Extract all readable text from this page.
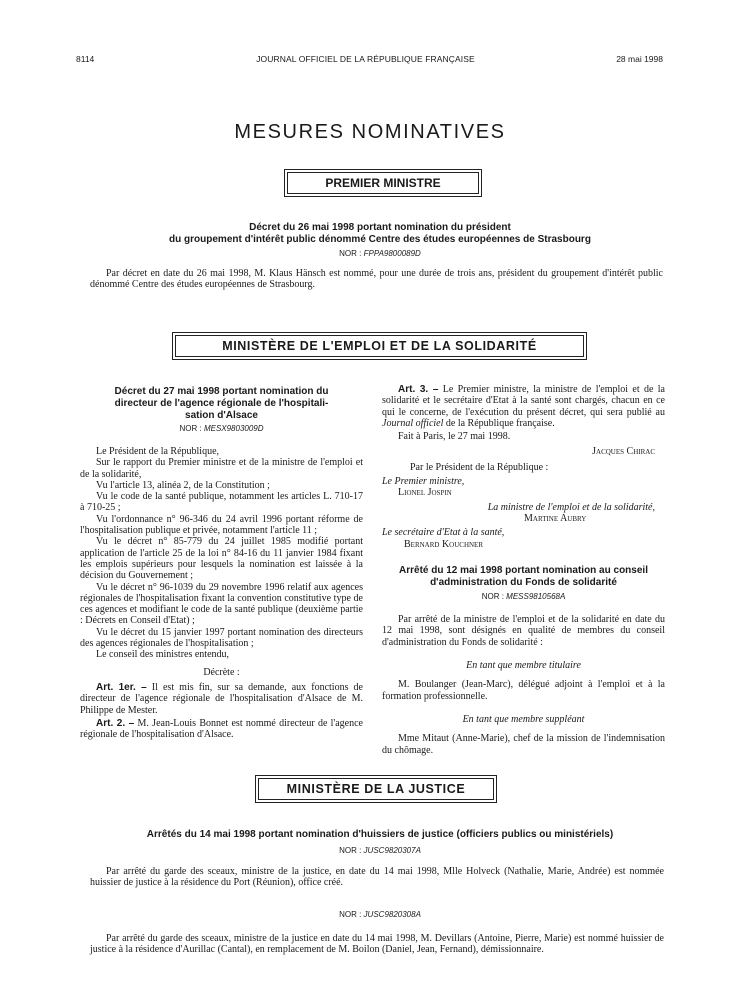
8114	JOURNAL OFFICIEL DE LA RÉPUBLIQUE FRANÇAISE	28 mai 1998
MESURES NOMINATIVES
PREMIER MINISTRE
Décret du 26 mai 1998 portant nomination du président
du groupement d'intérêt public dénommé Centre des études européennes de Strasbourg
NOR : FPPA9800089D

Par décret en date du 26 mai 1998, M. Klaus Hänsch est nommé, pour une durée de trois ans, président du groupement d'intérêt public dénommé Centre des études européennes de Strasbourg.

MINISTÈRE DE L'EMPLOI ET DE LA SOLIDARITÉ
Décret du 27 mai 1998 portant nomination du
directeur de l'agence régionale de l'hospitali-
sation d'Alsace
NOR : MESX9803009D

Le Président de la République,

Sur le rapport du Premier ministre et de la ministre de l'emploi et de la solidarité,

Vu l'article 13, alinéa 2, de la Constitution ;

Vu le code de la santé publique, notamment les articles L. 710-17 à 710-25 ;

Vu l'ordonnance n° 96-346 du 24 avril 1996 portant réforme de l'hospitalisation publique et privée, notamment l'article 11 ;

Vu le décret n° 85-779 du 24 juillet 1985 modifié portant application de l'article 25 de la loi n° 84-16 du 11 janvier 1984 fixant les emplois supérieurs pour lesquels la nomination est laissée à la décision du Gouvernement ;

Vu le décret n° 96-1039 du 29 novembre 1996 relatif aux agences régionales de l'hospitalisation fixant la convention constitutive type de ces agences et modifiant le code de la santé publique (deuxième partie : Décrets en Conseil d'Etat) ;

Vu le décret du 15 janvier 1997 portant nomination des directeurs des agences régionales de l'hospitalisation ;

Le conseil des ministres entendu,

Décrète :

Art. 1er. – Il est mis fin, sur sa demande, aux fonctions de directeur de l'agence régionale de l'hospitalisation d'Alsace de M. Philippe de Mester.

Art. 2. – M. Jean-Louis Bonnet est nommé directeur de l'agence régionale de l'hospitalisation d'Alsace.

Art. 3. – Le Premier ministre, la ministre de l'emploi et de la solidarité et le secrétaire d'Etat à la santé sont chargés, chacun en ce qui le concerne, de l'exécution du présent décret, qui sera publié au Journal officiel de la République française.

Fait à Paris, le 27 mai 1998.

Jacques Chirac
Par le Président de la République :
Le Premier ministre,
Lionel Jospin
La ministre de l'emploi et de la solidarité,
Martine Aubry
Le secrétaire d'Etat à la santé,
Bernard Kouchner
Arrêté du 12 mai 1998 portant nomination au conseil
d'administration du Fonds de solidarité
NOR : MESS9810568A

Par arrêté de la ministre de l'emploi et de la solidarité en date du 12 mai 1998, sont désignés en qualité de membres du conseil d'administration du Fonds de solidarité :

En tant que membre titulaire

M. Boulanger (Jean-Marc), délégué adjoint à l'emploi et à la formation professionnelle.

En tant que membre suppléant

Mme Mitaut (Anne-Marie), chef de la mission de l'indemnisation du chômage.

MINISTÈRE DE LA JUSTICE
Arrêtés du 14 mai 1998 portant nomination d'huissiers de justice (officiers publics ou ministériels)
NOR : JUSC9820307A

Par arrêté du garde des sceaux, ministre de la justice, en date du 14 mai 1998, Mlle Holveck (Nathalie, Marie, Andrée) est nommée huissier de justice à la résidence du Port (Réunion), office créé.

NOR : JUSC9820308A

Par arrêté du garde des sceaux, ministre de la justice en date du 14 mai 1998, M. Devillars (Antoine, Pierre, Marie) est nommé huissier de justice à la résidence d'Aurillac (Cantal), en remplacement de M. Boilon (Daniel, Jean, Fernand), démissionnaire.
